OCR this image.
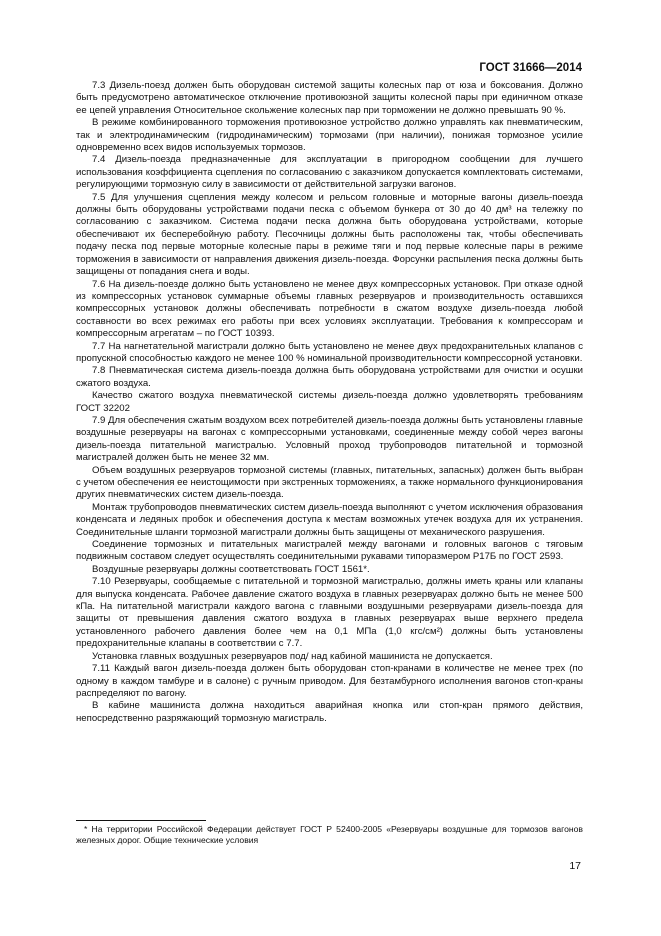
ГОСТ 31666—2014

7.3 Дизель-поезд должен быть оборудован системой защиты колесных пар от юза и боксования. Должно быть предусмотрено автоматическое отключение противоюзной защиты колесной пары при единичном отказе ее цепей управления Относительное скольжение колесных пар при торможении не должно превышать 90 %.

В режиме комбинированного торможения противоюзное устройство должно управлять как пневматическим, так и электродинамическим (гидродинамическим) тормозами (при наличии), понижая тормозное усилие одновременно всех видов используемых тормозов.

7.4 Дизель-поезда предназначенные для эксплуатации в пригородном сообщении для лучшего использования коэффициента сцепления по согласованию с заказчиком допускается комплектовать системами, регулирующими тормозную силу в зависимости от действительной загрузки вагонов.

7.5 Для улучшения сцепления между колесом и рельсом головные и моторные вагоны дизель-поезда должны быть оборудованы устройствами подачи песка с объемом бункера от 30 до 40 дм³ на тележку по согласованию с заказчиком. Система подачи песка должна быть оборудована устройствами, которые обеспечивают их бесперебойную работу. Песочницы должны быть расположены так, чтобы обеспечивать подачу песка под первые моторные колесные пары в режиме тяги и под первые колесные пары в режиме торможения в зависимости от направления движения дизель-поезда. Форсунки распыления песка должны быть защищены от попадания снега и воды.

7.6 На дизель-поезде должно быть установлено не менее двух компрессорных установок. При отказе одной из компрессорных установок суммарные объемы главных резервуаров и производительность оставшихся компрессорных установок должны обеспечивать потребности в сжатом воздухе дизель-поезда любой составности во всех режимах его работы при всех условиях эксплуатации. Требования к компрессорам и компрессорным агрегатам – по ГОСТ 10393.

7.7 На нагнетательной магистрали должно быть установлено не менее двух предохранительных клапанов с пропускной способностью каждого не менее 100 % номинальной производительности компрессорной установки.

7.8 Пневматическая система дизель-поезда должна быть оборудована устройствами для очистки и осушки сжатого воздуха.

Качество сжатого воздуха пневматической системы дизель-поезда должно удовлетворять требованиям ГОСТ 32202

7.9 Для обеспечения сжатым воздухом всех потребителей дизель-поезда должны быть установлены главные воздушные резервуары на вагонах с компрессорными установками, соединенные между собой через вагоны дизель-поезда питательной магистралью. Условный проход трубопроводов питательной и тормозной магистралей должен быть не менее 32 мм.

Объем воздушных резервуаров тормозной системы (главных, питательных, запасных) должен быть выбран с учетом обеспечения ее неистощимости при экстренных торможениях, а также нормального функционирования других пневматических систем дизель-поезда.

Монтаж трубопроводов пневматических систем дизель-поезда выполняют с учетом исключения образования конденсата и ледяных пробок и обеспечения доступа к местам возможных утечек воздуха для их устранения. Соединительные шланги тормозной магистрали должны быть защищены от механического разрушения.

Соединение тормозных и питательных магистралей между вагонами и головных вагонов с тяговым подвижным составом следует осуществлять соединительными рукавами типоразмером Р17Б по ГОСТ 2593.

Воздушные резервуары должны соответствовать ГОСТ 1561*.

7.10 Резервуары, сообщаемые с питательной и тормозной магистралью, должны иметь краны или клапаны для выпуска конденсата. Рабочее давление сжатого воздуха в главных резервуарах должно быть не менее 500 кПа. На питательной магистрали каждого вагона с главными воздушными резервуарами дизель-поезда для защиты от превышения давления сжатого воздуха в главных резервуарах выше верхнего предела установленного рабочего давления более чем на 0,1 МПа (1,0 кгс/см²) должны быть установлены предохранительные клапаны в соответствии с 7.7.

Установка главных воздушных резервуаров под/ над кабиной машиниста не допускается.

7.11 Каждый вагон дизель-поезда должен быть оборудован стоп-кранами в количестве не менее трех (по одному в каждом тамбуре и в салоне) с ручным приводом. Для безтамбурного исполнения вагонов стоп-краны распределяют по вагону.

В кабине машиниста должна находиться аварийная кнопка или стоп-кран прямого действия, непосредственно разряжающий тормозную магистраль.

* На территории Российской Федерации действует ГОСТ Р 52400-2005 «Резервуары воздушные для тормозов вагонов железных дорог. Общие технические условия
17
